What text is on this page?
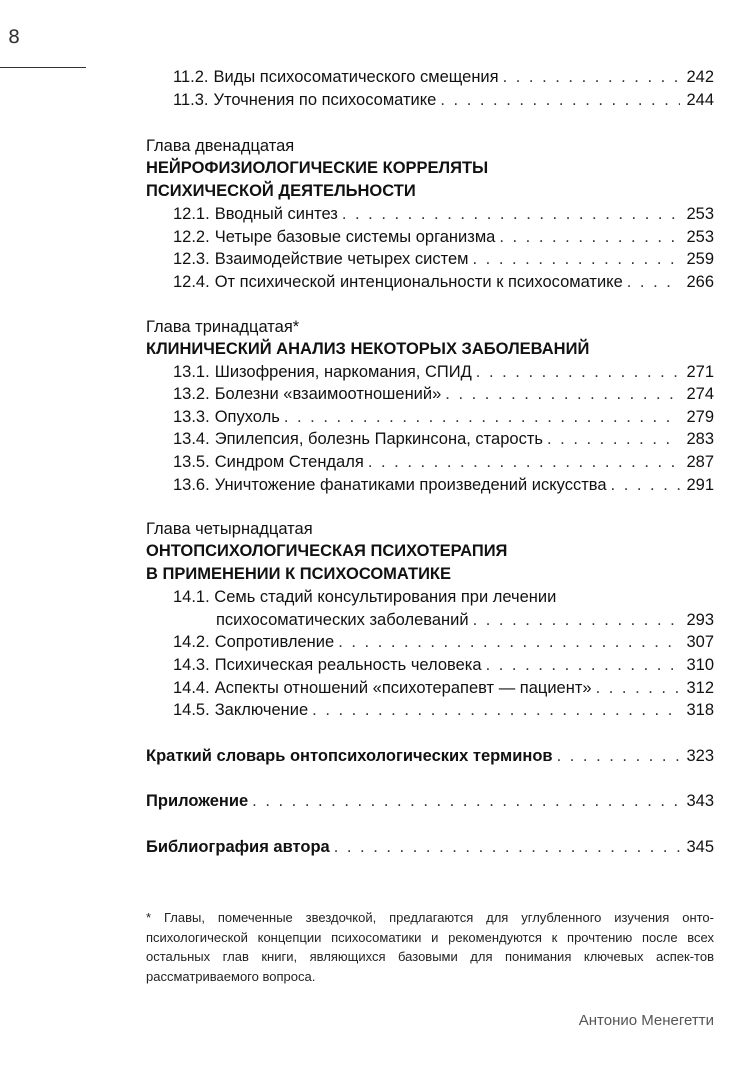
8
11.2. Виды психосоматического смещения . . .	242
11.3. Уточнения по психосоматике . . .	244
Глава двенадцатая
НЕЙРОФИЗИОЛОГИЧЕСКИЕ КОРРЕЛЯТЫ
ПСИХИЧЕСКОЙ ДЕЯТЕЛЬНОСТИ
12.1. Вводный синтез . . .	253
12.2. Четыре базовые системы организма . . .	253
12.3. Взаимодействие четырех систем . . .	259
12.4. От психической интенциональности к психосоматике . . .	266
Глава тринадцатая*
КЛИНИЧЕСКИЙ АНАЛИЗ НЕКОТОРЫХ ЗАБОЛЕВАНИЙ
13.1. Шизофрения, наркомания, СПИД . . .	271
13.2. Болезни «взаимоотношений» . . .	274
13.3. Опухоль . . .	279
13.4. Эпилепсия, болезнь Паркинсона, старость . . .	283
13.5. Синдром Стендаля . . .	287
13.6. Уничтожение фанатиками произведений искусства . . .	291
Глава четырнадцатая
ОНТОПСИХОЛОГИЧЕСКАЯ ПСИХОТЕРАПИЯ
В ПРИМЕНЕНИИ К ПСИХОСОМАТИКЕ
14.1. Семь стадий консультирования при лечении
психосоматических заболеваний . . .	293
14.2. Сопротивление . . .	307
14.3. Психическая реальность человека . . .	310
14.4. Аспекты отношений «психотерапевт — пациент» . . .	312
14.5. Заключение . . .	318
Краткий словарь онтопсихологических терминов . . .	323
Приложение . . .	343
Библиография автора . . .	345
* Главы, помеченные звездочкой, предлагаются для углубленного изучения онто-психологической концепции психосоматики и рекомендуются к прочтению после всех остальных глав книги, являющихся базовыми для понимания ключевых аспек-тов рассматриваемого вопроса.
Антонио Менегетти
